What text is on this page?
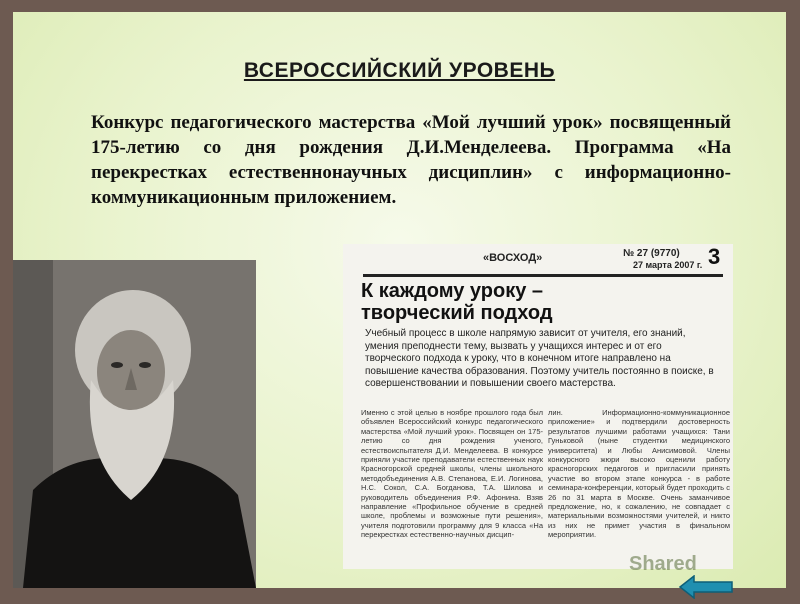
ВСЕРОССИЙСКИЙ УРОВЕНЬ
Конкурс педагогического мастерства «Мой лучший урок» посвященный 175-летию со дня рождения Д.И.Менделеева. Программа «На перекрестках естественнонаучных дисциплин» с информационно-коммуникационным приложением.
«ВОСХОД»	№ 27 (9770)
27 марта 2007 г. 3
К каждому уроку –
творческий подход
Учебный процесс в школе напрямую зависит от учителя, его знаний, умения преподнести тему, вызвать у учащихся интерес и от его творческого подхода к уроку, что в конечном итоге направлено на повышение качества образования. Поэтому учитель постоянно в поиске, в совершенствовании и повышении своего мастерства.
Именно с этой целью в ноябре прошлого года был объявлен Всероссийский конкурс педагогического мастерства «Мой лучший урок». Посвящен он 175-летию со дня рождения ученого, естествоиспытателя Д.И. Менделеева. В конкурсе приняли участие преподаватели естественных наук Красногорской средней школы, члены школьного методобъединения А.В. Степанова, Е.И. Логинова, Н.С. Сокол, С.А. Богданова, Т.А. Шилова и руководитель объединения Р.Ф. Афонина. Взяв направление «Профильное обучение в средней школе, проблемы и возможные пути решения», учителя подготовили программу для 9 класса «На перекрестках естественно-научных дисцип-
лин. Информационно-коммуникационное приложение» и подтвердили достоверность результатов лучшими работами учащихся: Тани Гуньковой (ныне студентки медицинского университета) и Любы Анисимовой. Члены конкурсного жюри высоко оценили работу красногорских педагогов и пригласили принять участие во втором этапе конкурса - в работе семинара-конференции, который будет проходить с 26 по 31 марта в Москве. Очень заманчивое предложение, но, к сожалению, не совпадает с материальными возможностями учителей, и никто из них не примет участия в финальном мероприятии.
Shared
